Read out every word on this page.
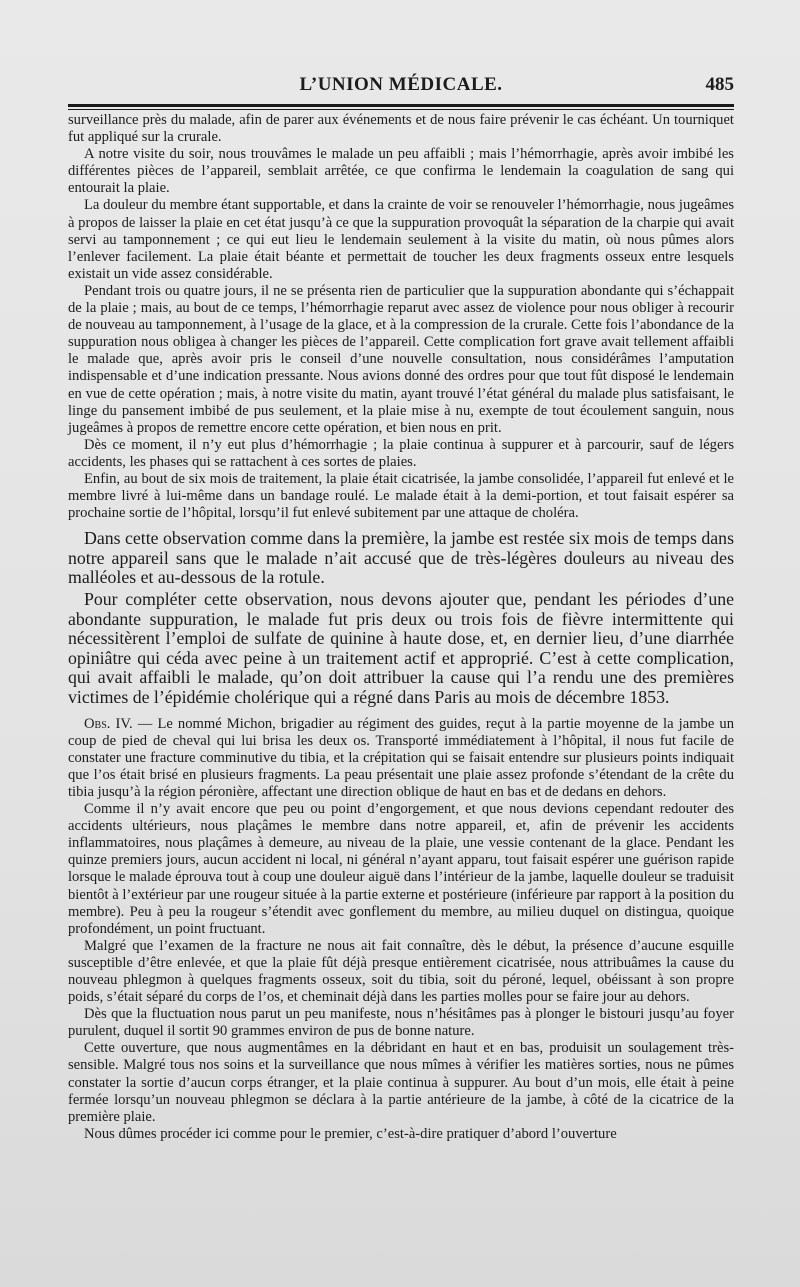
L’UNION MÉDICALE.	485

surveillance près du malade, afin de parer aux événements et de nous faire prévenir le cas échéant. Un tourniquet fut appliqué sur la crurale.

A notre visite du soir, nous trouvâmes le malade un peu affaibli ; mais l’hémorrhagie, après avoir imbibé les différentes pièces de l’appareil, semblait arrêtée, ce que confirma le lendemain la coagulation de sang qui entourait la plaie.

La douleur du membre étant supportable, et dans la crainte de voir se renouveler l’hémorrhagie, nous jugeâmes à propos de laisser la plaie en cet état jusqu’à ce que la suppuration provoquât la séparation de la charpie qui avait servi au tamponnement ; ce qui eut lieu le lendemain seulement à la visite du matin, où nous pûmes alors l’enlever facilement. La plaie était béante et permettait de toucher les deux fragments osseux entre lesquels existait un vide assez considérable.

Pendant trois ou quatre jours, il ne se présenta rien de particulier que la suppuration abondante qui s’échappait de la plaie ; mais, au bout de ce temps, l’hémorrhagie reparut avec assez de violence pour nous obliger à recourir de nouveau au tamponnement, à l’usage de la glace, et à la compression de la crurale. Cette fois l’abondance de la suppuration nous obligea à changer les pièces de l’appareil. Cette complication fort grave avait tellement affaibli le malade que, après avoir pris le conseil d’une nouvelle consultation, nous considérâmes l’amputation indispensable et d’une indication pressante. Nous avions donné des ordres pour que tout fût disposé le lendemain en vue de cette opération ; mais, à notre visite du matin, ayant trouvé l’état général du malade plus satisfaisant, le linge du pansement imbibé de pus seulement, et la plaie mise à nu, exempte de tout écoulement sanguin, nous jugeâmes à propos de remettre encore cette opération, et bien nous en prit.

Dès ce moment, il n’y eut plus d’hémorrhagie ; la plaie continua à suppurer et à parcourir, sauf de légers accidents, les phases qui se rattachent à ces sortes de plaies.

Enfin, au bout de six mois de traitement, la plaie était cicatrisée, la jambe consolidée, l’appareil fut enlevé et le membre livré à lui-même dans un bandage roulé. Le malade était à la demi-portion, et tout faisait espérer sa prochaine sortie de l’hôpital, lorsqu’il fut enlevé subitement par une attaque de choléra.

Dans cette observation comme dans la première, la jambe est restée six mois de temps dans notre appareil sans que le malade n’ait accusé que de très-légères douleurs au niveau des malléoles et au-dessous de la rotule.

Pour compléter cette observation, nous devons ajouter que, pendant les périodes d’une abondante suppuration, le malade fut pris deux ou trois fois de fièvre intermittente qui nécessitèrent l’emploi de sulfate de quinine à haute dose, et, en dernier lieu, d’une diarrhée opiniâtre qui céda avec peine à un traitement actif et approprié. C’est à cette complication, qui avait affaibli le malade, qu’on doit attribuer la cause qui l’a rendu une des premières victimes de l’épidémie cholérique qui a régné dans Paris au mois de décembre 1853.

Obs. IV. — Le nommé Michon, brigadier au régiment des guides, reçut à la partie moyenne de la jambe un coup de pied de cheval qui lui brisa les deux os. Transporté immédiatement à l’hôpital, il nous fut facile de constater une fracture comminutive du tibia, et la crépitation qui se faisait entendre sur plusieurs points indiquait que l’os était brisé en plusieurs fragments. La peau présentait une plaie assez profonde s’étendant de la crête du tibia jusqu’à la région péronière, affectant une direction oblique de haut en bas et de dedans en dehors.

Comme il n’y avait encore que peu ou point d’engorgement, et que nous devions cependant redouter des accidents ultérieurs, nous plaçâmes le membre dans notre appareil, et, afin de prévenir les accidents inflammatoires, nous plaçâmes à demeure, au niveau de la plaie, une vessie contenant de la glace. Pendant les quinze premiers jours, aucun accident ni local, ni général n’ayant apparu, tout faisait espérer une guérison rapide lorsque le malade éprouva tout à coup une douleur aiguë dans l’intérieur de la jambe, laquelle douleur se traduisit bientôt à l’extérieur par une rougeur située à la partie externe et postérieure (inférieure par rapport à la position du membre). Peu à peu la rougeur s’étendit avec gonflement du membre, au milieu duquel on distingua, quoique profondément, un point fructuant.

Malgré que l’examen de la fracture ne nous ait fait connaître, dès le début, la présence d’aucune esquille susceptible d’être enlevée, et que la plaie fût déjà presque entièrement cicatrisée, nous attribuâmes la cause du nouveau phlegmon à quelques fragments osseux, soit du tibia, soit du péroné, lequel, obéissant à son propre poids, s’était séparé du corps de l’os, et cheminait déjà dans les parties molles pour se faire jour au dehors.

Dès que la fluctuation nous parut un peu manifeste, nous n’hésitâmes pas à plonger le bistouri jusqu’au foyer purulent, duquel il sortit 90 grammes environ de pus de bonne nature.

Cette ouverture, que nous augmentâmes en la débridant en haut et en bas, produisit un soulagement très-sensible. Malgré tous nos soins et la surveillance que nous mîmes à vérifier les matières sorties, nous ne pûmes constater la sortie d’aucun corps étranger, et la plaie continua à suppurer. Au bout d’un mois, elle était à peine fermée lorsqu’un nouveau phlegmon se déclara à la partie antérieure de la jambe, à côté de la cicatrice de la première plaie.

Nous dûmes procéder ici comme pour le premier, c’est-à-dire pratiquer d’abord l’ouverture
